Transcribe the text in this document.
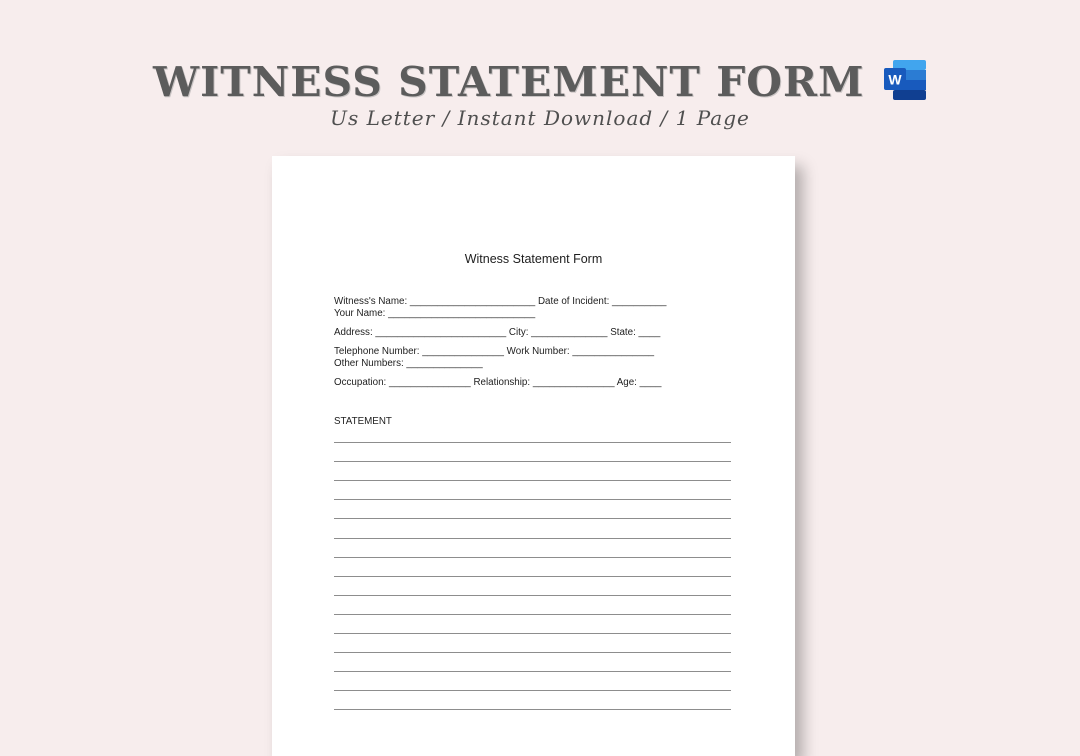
WITNESS STATEMENT FORM W
Us Letter / Instant Download / 1 Page
Witness Statement Form
Witness's Name: _______________________ Date of Incident: __________
Your Name: ___________________________
Address: ________________________ City: ______________ State: ____
Telephone Number: _______________ Work Number: _______________
Other Numbers: ______________
Occupation: _______________ Relationship: _______________ Age: ____
STATEMENT
